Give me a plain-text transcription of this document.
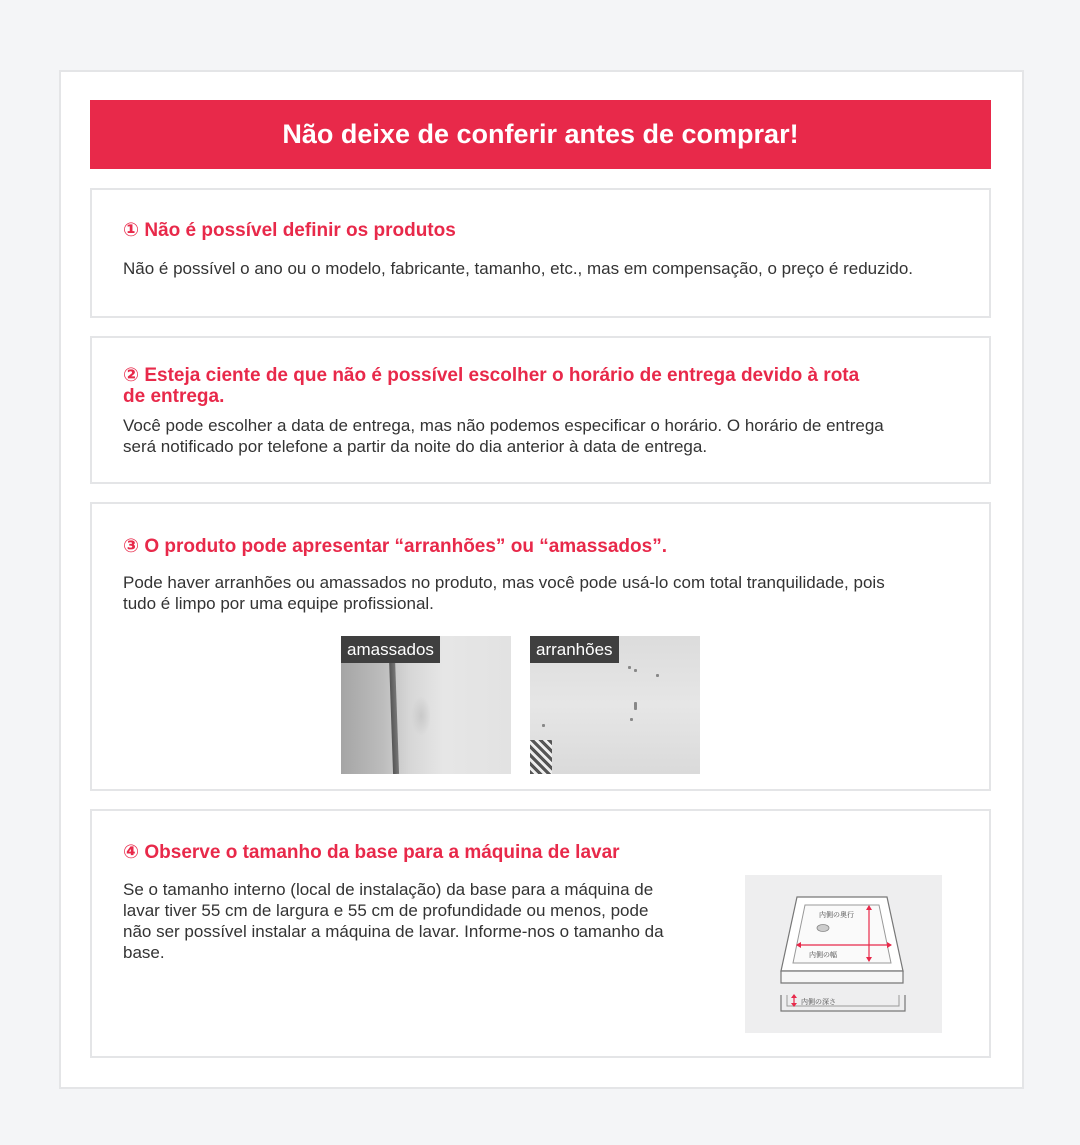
Não deixe de conferir antes de comprar!
① Não é possível definir os produtos

Não é possível o ano ou o modelo, fabricante, tamanho, etc., mas em compensação, o preço é reduzido.

② Esteja ciente de que não é possível escolher o horário de entrega devido à rota
de entrega.

Você pode escolher a data de entrega, mas não podemos especificar o horário. O horário de entrega

será notificado por telefone a partir da noite do dia anterior à data de entrega.

③ O produto pode apresentar “arranhões” ou “amassados”.

Pode haver arranhões ou amassados no produto, mas você pode usá-lo com total tranquilidade, pois

tudo é limpo por uma equipe profissional.

amassados	arranhões
④ Observe o tamanho da base para a máquina de lavar

Se o tamanho interno (local de instalação) da base para a máquina de

lavar tiver 55 cm de largura e 55 cm de profundidade ou menos, pode

não ser possível instalar a máquina de lavar. Informe-nos o tamanho da

base.

内側の奥行
内側の幅
内側の深さ
